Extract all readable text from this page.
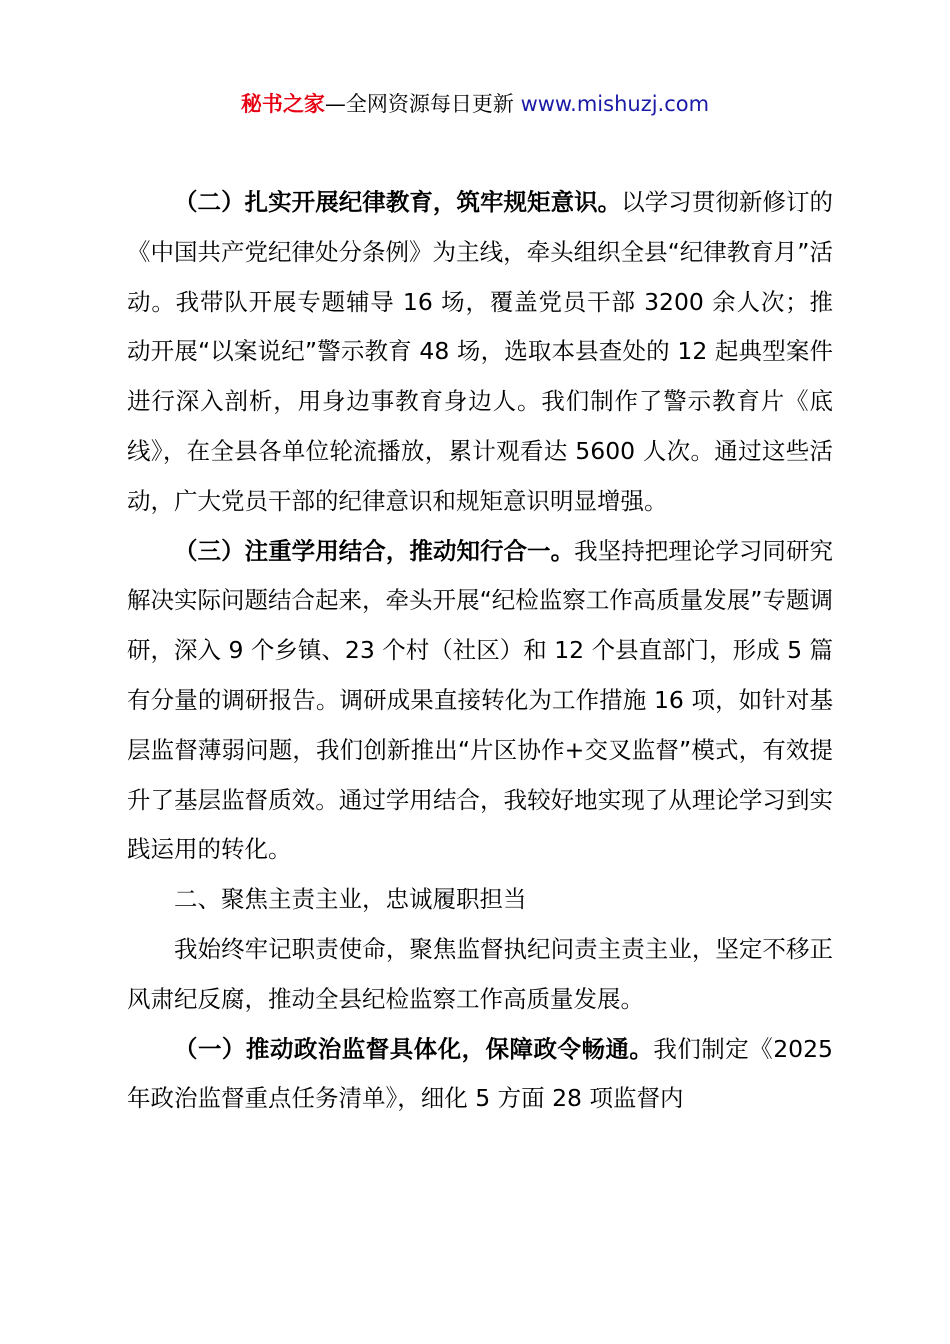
秘书之家—全网资源每日更新 www.mishuzj.com

（二）扎实开展纪律教育，筑牢规矩意识。以学习贯彻新修订的《中国共产党纪律处分条例》为主线，牵头组织全县“纪律教育月”活动。我带队开展专题辅导 16 场，覆盖党员干部 3200 余人次；推动开展“以案说纪”警示教育 48 场，选取本县查处的 12 起典型案件进行深入剖析，用身边事教育身边人。我们制作了警示教育片《底线》，在全县各单位轮流播放，累计观看达 5600 人次。通过这些活动，广大党员干部的纪律意识和规矩意识明显增强。

（三）注重学用结合，推动知行合一。我坚持把理论学习同研究解决实际问题结合起来，牵头开展“纪检监察工作高质量发展”专题调研，深入 9 个乡镇、23 个村（社区）和 12 个县直部门，形成 5 篇有分量的调研报告。调研成果直接转化为工作措施 16 项，如针对基层监督薄弱问题，我们创新推出“片区协作+交叉监督”模式，有效提升了基层监督质效。通过学用结合，我较好地实现了从理论学习到实践运用的转化。

二、聚焦主责主业，忠诚履职担当

我始终牢记职责使命，聚焦监督执纪问责主责主业，坚定不移正风肃纪反腐，推动全县纪检监察工作高质量发展。

（一）推动政治监督具体化，保障政令畅通。我们制定《2025 年政治监督重点任务清单》，细化 5 方面 28 项监督内
